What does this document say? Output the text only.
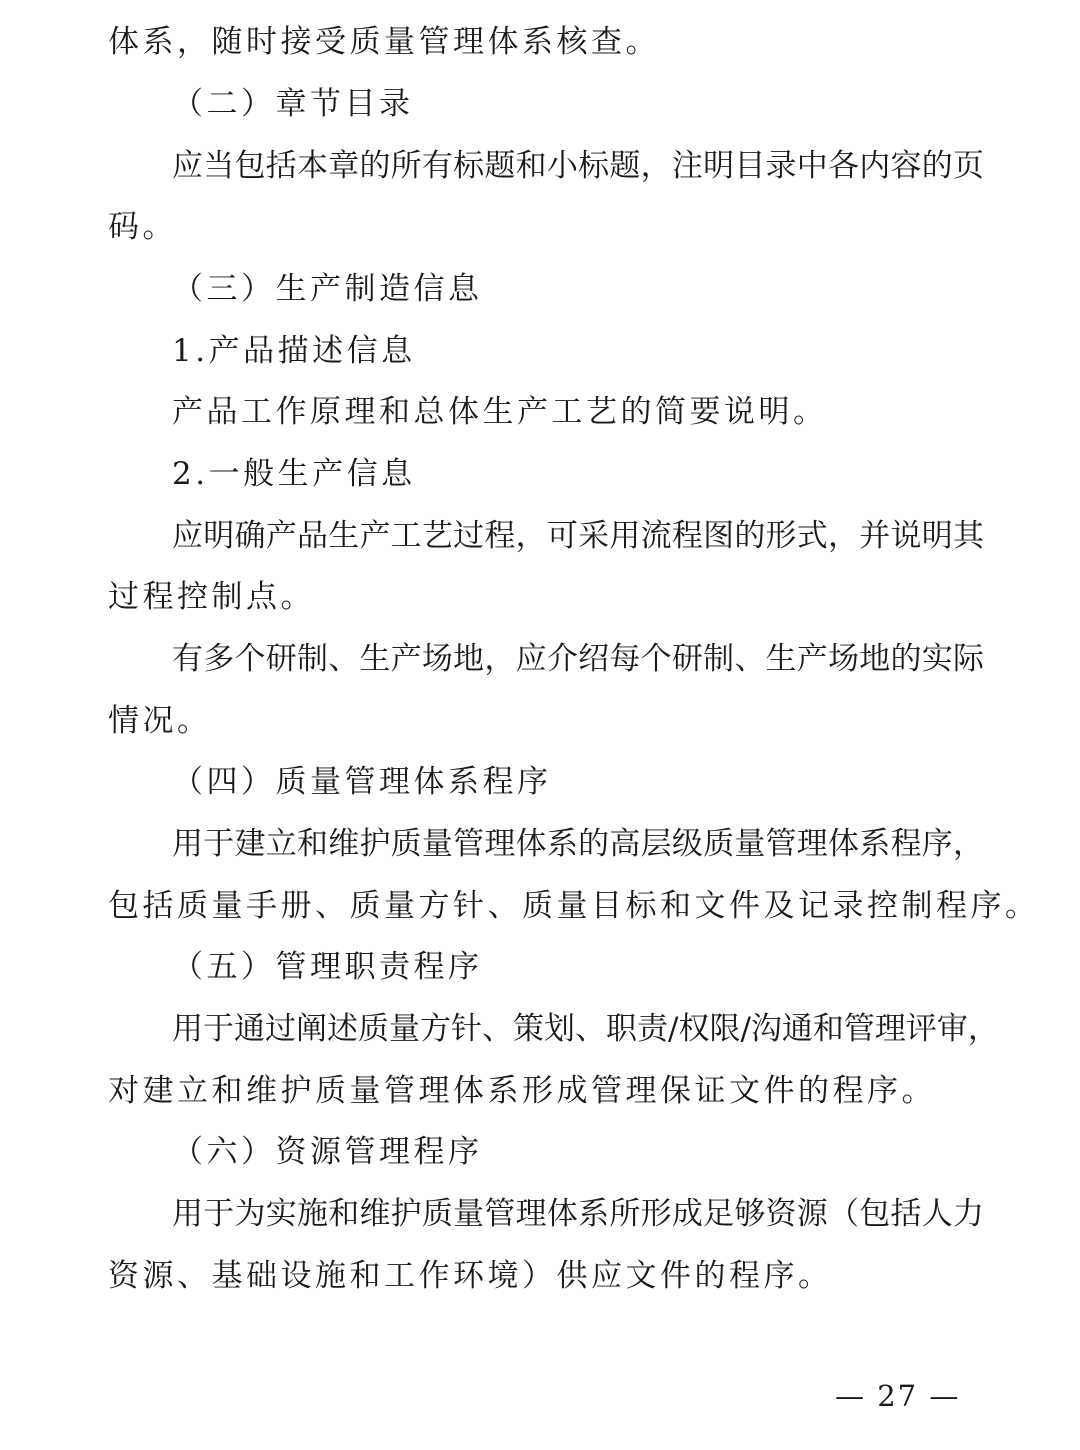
体系，随时接受质量管理体系核查。
（二）章节目录
应当包括本章的所有标题和小标题，注明目录中各内容的页
码。
（三）生产制造信息
1.产品描述信息
产品工作原理和总体生产工艺的简要说明。
2.一般生产信息
应明确产品生产工艺过程，可采用流程图的形式，并说明其
过程控制点。
有多个研制、生产场地，应介绍每个研制、生产场地的实际
情况。
（四）质量管理体系程序
用于建立和维护质量管理体系的高层级质量管理体系程序，
包括质量手册、质量方针、质量目标和文件及记录控制程序。
（五）管理职责程序
用于通过阐述质量方针、策划、职责/权限/沟通和管理评审，
对建立和维护质量管理体系形成管理保证文件的程序。
（六）资源管理程序
用于为实施和维护质量管理体系所形成足够资源（包括人力
资源、基础设施和工作环境）供应文件的程序。
— 27 —
